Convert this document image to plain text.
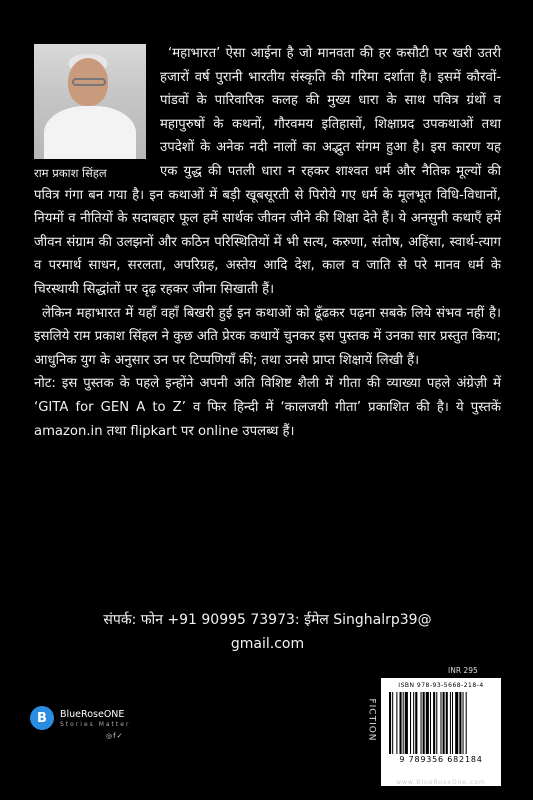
राम प्रकाश सिंहल

‘महाभारत’ ऐसा आईना है जो मानवता की हर कसौटी पर खरी उतरी हजारों वर्ष पुरानी भारतीय संस्कृति की गरिमा दर्शाता है। इसमें कौरवों-पांडवों के पारिवारिक कलह की मुख्य धारा के साथ पवित्र ग्रंथों व महापुरुषों के कथनों, गौरवमय इतिहासों, शिक्षाप्रद उपकथाओं तथा उपदेशों के अनेक नदी नालों का अद्भुत संगम हुआ है। इस कारण यह एक युद्ध की पतली धारा न रहकर शाश्वत धर्म और नैतिक मूल्यों की पवित्र गंगा बन गया है। इन कथाओं में बड़ी खूबसूरती से पिरोये गए धर्म के मूलभूत विधि-विधानों, नियमों व नीतियों के सदाबहार फूल हमें सार्थक जीवन जीने की शिक्षा देते हैं। ये अनसुनी कथाएँ हमें जीवन संग्राम की उलझनों और कठिन परिस्थितियों में भी सत्य, करुणा, संतोष, अहिंसा, स्वार्थ-त्याग व परमार्थ साधन, सरलता, अपरिग्रह, अस्तेय आदि देश, काल व जाति से परे मानव धर्म के चिरस्थायी सिद्धांतों पर दृढ़ रहकर जीना सिखाती हैं।

लेकिन महाभारत में यहाँ वहाँ बिखरी हुई इन कथाओं को ढूँढकर पढ़ना सबके लिये संभव नहीं है। इसलिये राम प्रकाश सिंहल ने कुछ अति प्रेरक कथायें चुनकर इस पुस्तक में उनका सार प्रस्तुत किया; आधुनिक युग के अनुसार उन पर टिप्पणियाँ कीं; तथा उनसे प्राप्त शिक्षायें लिखी हैं।

नोट: इस पुस्तक के पहले इन्होंने अपनी अति विशिष्ट शैली में गीता की व्याख्या पहले अंग्रेज़ी में ‘GITA for GEN A to Z’ व फिर हिन्दी में ‘कालजयी गीता’ प्रकाशित की है। ये पुस्तकें amazon.in तथा flipkart पर online उपलब्ध हैं।

संपर्क: फोन +91 90995 73973: ईमेल Singhalrp39@
gmail.com
B	BlueRoseONE
Stories Matter
◎f✓
INR 295
FICTION
ISBN 978-93-5668-218-4
9 789356 682184
www.BlueRoseOne.com
